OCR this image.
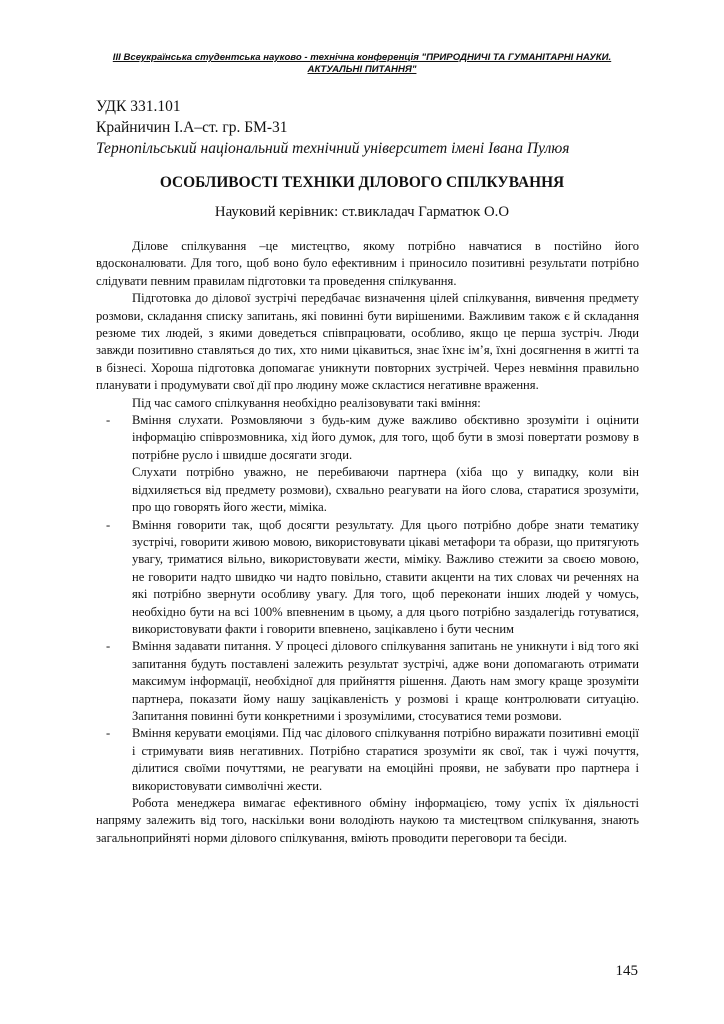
ІІІ Всеукраїнська студентська науково - технічна конференція "ПРИРОДНИЧІ ТА ГУМАНІТАРНІ НАУКИ.
АКТУАЛЬНІ ПИТАННЯ"
УДК 331.101
Крайничин І.А–ст. гр. БМ-31
Тернопільський національний технічний університет імені Івана Пулюя
ОСОБЛИВОСТІ ТЕХНІКИ ДІЛОВОГО СПІЛКУВАННЯ
Науковий керівник: ст.викладач Гарматюк О.О

Ділове спілкування –це мистецтво, якому потрібно навчатися в постійно його вдосконалювати. Для того, щоб воно було ефективним і приносило позитивні результати потрібно слідувати певним правилам підготовки та проведення спілкування.

Підготовка до ділової зустрічі передбачає визначення цілей спілкування, вивчення предмету розмови, складання списку запитань, які повинні бути вирішеними. Важливим також є й складання резюме тих людей, з якими доведеться співпрацювати, особливо, якщо це перша зустріч. Люди завжди позитивно ставляться до тих, хто ними цікавиться, знає їхнє ім’я, їхні досягнення в житті та в бізнесі. Хороша підготовка допомагає уникнути повторних зустрічей. Через невміння правильно планувати і продумувати свої дії про людину може скластися негативне враження.

Під час самого спілкування необхідно реалізовувати такі вміння:

- Вміння слухати. Розмовляючи з будь-ким дуже важливо обєктивно зрозуміти і оцінити інформацію співрозмовника, хід його думок, для того, щоб бути в змозі повертати розмову в потрібне русло і швидше досягати згоди.
Слухати потрібно уважно, не перебиваючи партнера (хіба що у випадку, коли він відхиляється від предмету розмови), схвально реагувати на його слова, старатися зрозуміти, про що говорять його жести, міміка.
- Вміння говорити так, щоб досягти результату. Для цього потрібно добре знати тематику зустрічі, говорити живою мовою, використовувати цікаві метафори та образи, що притягують увагу, триматися вільно, використовувати жести, міміку. Важливо стежити за своєю мовою, не говорити надто швидко чи надто повільно, ставити акценти на тих словах чи реченнях на які потрібно звернути особливу увагу. Для того, щоб переконати інших людей у чомусь, необхідно бути на всі 100% впевненим в цьому, а для цього потрібно заздалегідь готуватися, використовувати факти і говорити впевнено, зацікавлено і бути чесним
- Вміння задавати питання. У процесі ділового спілкування запитань не уникнути і від того які запитання будуть поставлені залежить результат зустрічі, адже вони допомагають отримати максимум інформації, необхідної для прийняття рішення. Дають нам змогу краще зрозуміти партнера, показати йому нашу зацікавленість у розмові і краще контролювати ситуацію. Запитання повинні бути конкретними і зрозумілими, стосуватися теми розмови.
- Вміння керувати емоціями. Під час ділового спілкування потрібно виражати позитивні емоції і стримувати вияв негативних. Потрібно старатися зрозуміти як свої, так і чужі почуття, ділитися своїми почуттями, не реагувати на емоційні прояви, не забувати про партнера і використовувати символічні жести.

Робота менеджера вимагає ефективного обміну інформацією, тому успіх їх діяльності напряму залежить від того, наскільки вони володіють наукою та мистецтвом спілкування, знають загальноприйняті норми ділового спілкування, вміють проводити переговори та бесіди.

145
